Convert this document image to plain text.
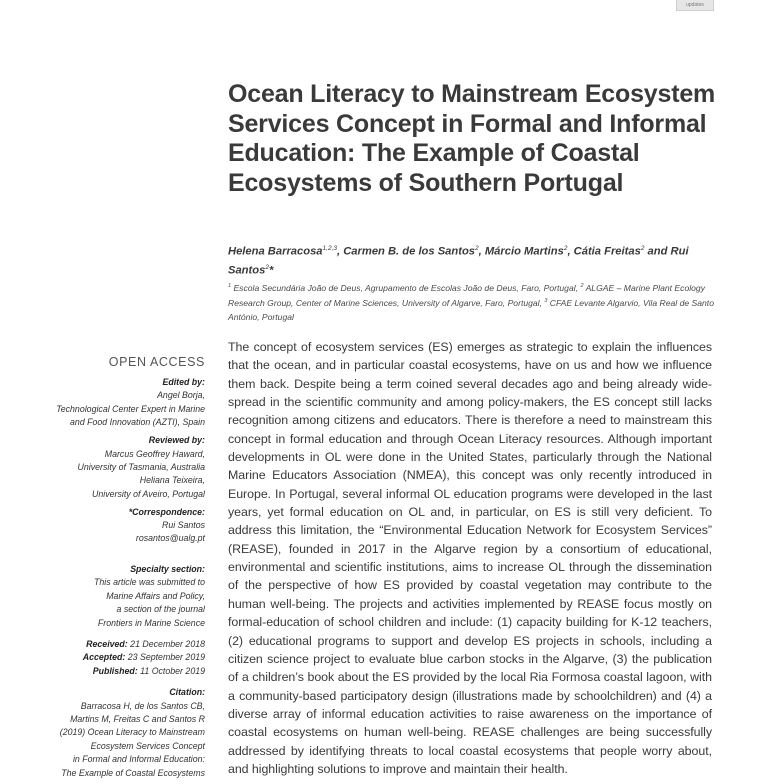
updates
Ocean Literacy to Mainstream Ecosystem Services Concept in Formal and Informal Education: The Example of Coastal Ecosystems of Southern Portugal
Helena Barracosa$^{1,2,3}$, Carmen B. de los Santos$^2$, Márcio Martins$^2$, Cátia Freitas$^2$ and Rui Santos$^2$*
$^1$ Escola Secundária João de Deus, Agrupamento de Escolas João de Deus, Faro, Portugal, $^2$ ALGAE – Marine Plant Ecology Research Group, Center of Marine Sciences, University of Algarve, Faro, Portugal, $^3$ CFAE Levante Algarvio, Vila Real de Santo António, Portugal

The concept of ecosystem services (ES) emerges as strategic to explain the influences that the ocean, and in particular coastal ecosystems, have on us and how we influence them back. Despite being a term coined several decades ago and being already wide-spread in the scientific community and among policy-makers, the ES concept still lacks recognition among citizens and educators. There is therefore a need to mainstream this concept in formal education and through Ocean Literacy resources. Although important developments in OL were done in the United States, particularly through the National Marine Educators Association (NMEA), this concept was only recently introduced in Europe. In Portugal, several informal OL education programs were developed in the last years, yet formal education on OL and, in particular, on ES is still very deficient. To address this limitation, the “Environmental Education Network for Ecosystem Services” (REASE), founded in 2017 in the Algarve region by a consortium of educational, environmental and scientific institutions, aims to increase OL through the dissemination of the perspective of how ES provided by coastal vegetation may contribute to the human well-being. The projects and activities implemented by REASE focus mostly on formal-education of school children and include: (1) capacity building for K-12 teachers, (2) educational programs to support and develop ES projects in schools, including a citizen science project to evaluate blue carbon stocks in the Algarve, (3) the publication of a children’s book about the ES provided by the local Ria Formosa coastal lagoon, with a community-based participatory design (illustrations made by schoolchildren) and (4) a diverse array of informal education activities to raise awareness on the importance of coastal ecosystems on human well-being. REASE challenges are being successfully addressed by identifying threats to local coastal ecosystems that people worry about, and highlighting solutions to improve and maintain their health.

OPEN ACCESS
Edited by:
Angel Borja,
Technological Center Expert in Marine
and Food Innovation (AZTI), Spain
Reviewed by:
Marcus Geoffrey Haward,
University of Tasmania, Australia
Heliana Teixeira,
University of Aveiro, Portugal
*Correspondence:
Rui Santos
rosantos@ualg.pt
Specialty section:
This article was submitted to
Marine Affairs and Policy,
a section of the journal
Frontiers in Marine Science
Received: 21 December 2018
Accepted: 23 September 2019
Published: 11 October 2019
Citation:
Barracosa H, de los Santos CB,
Martins M, Freitas C and Santos R
(2019) Ocean Literacy to Mainstream
Ecosystem Services Concept
in Formal and Informal Education:
The Example of Coastal Ecosystems
